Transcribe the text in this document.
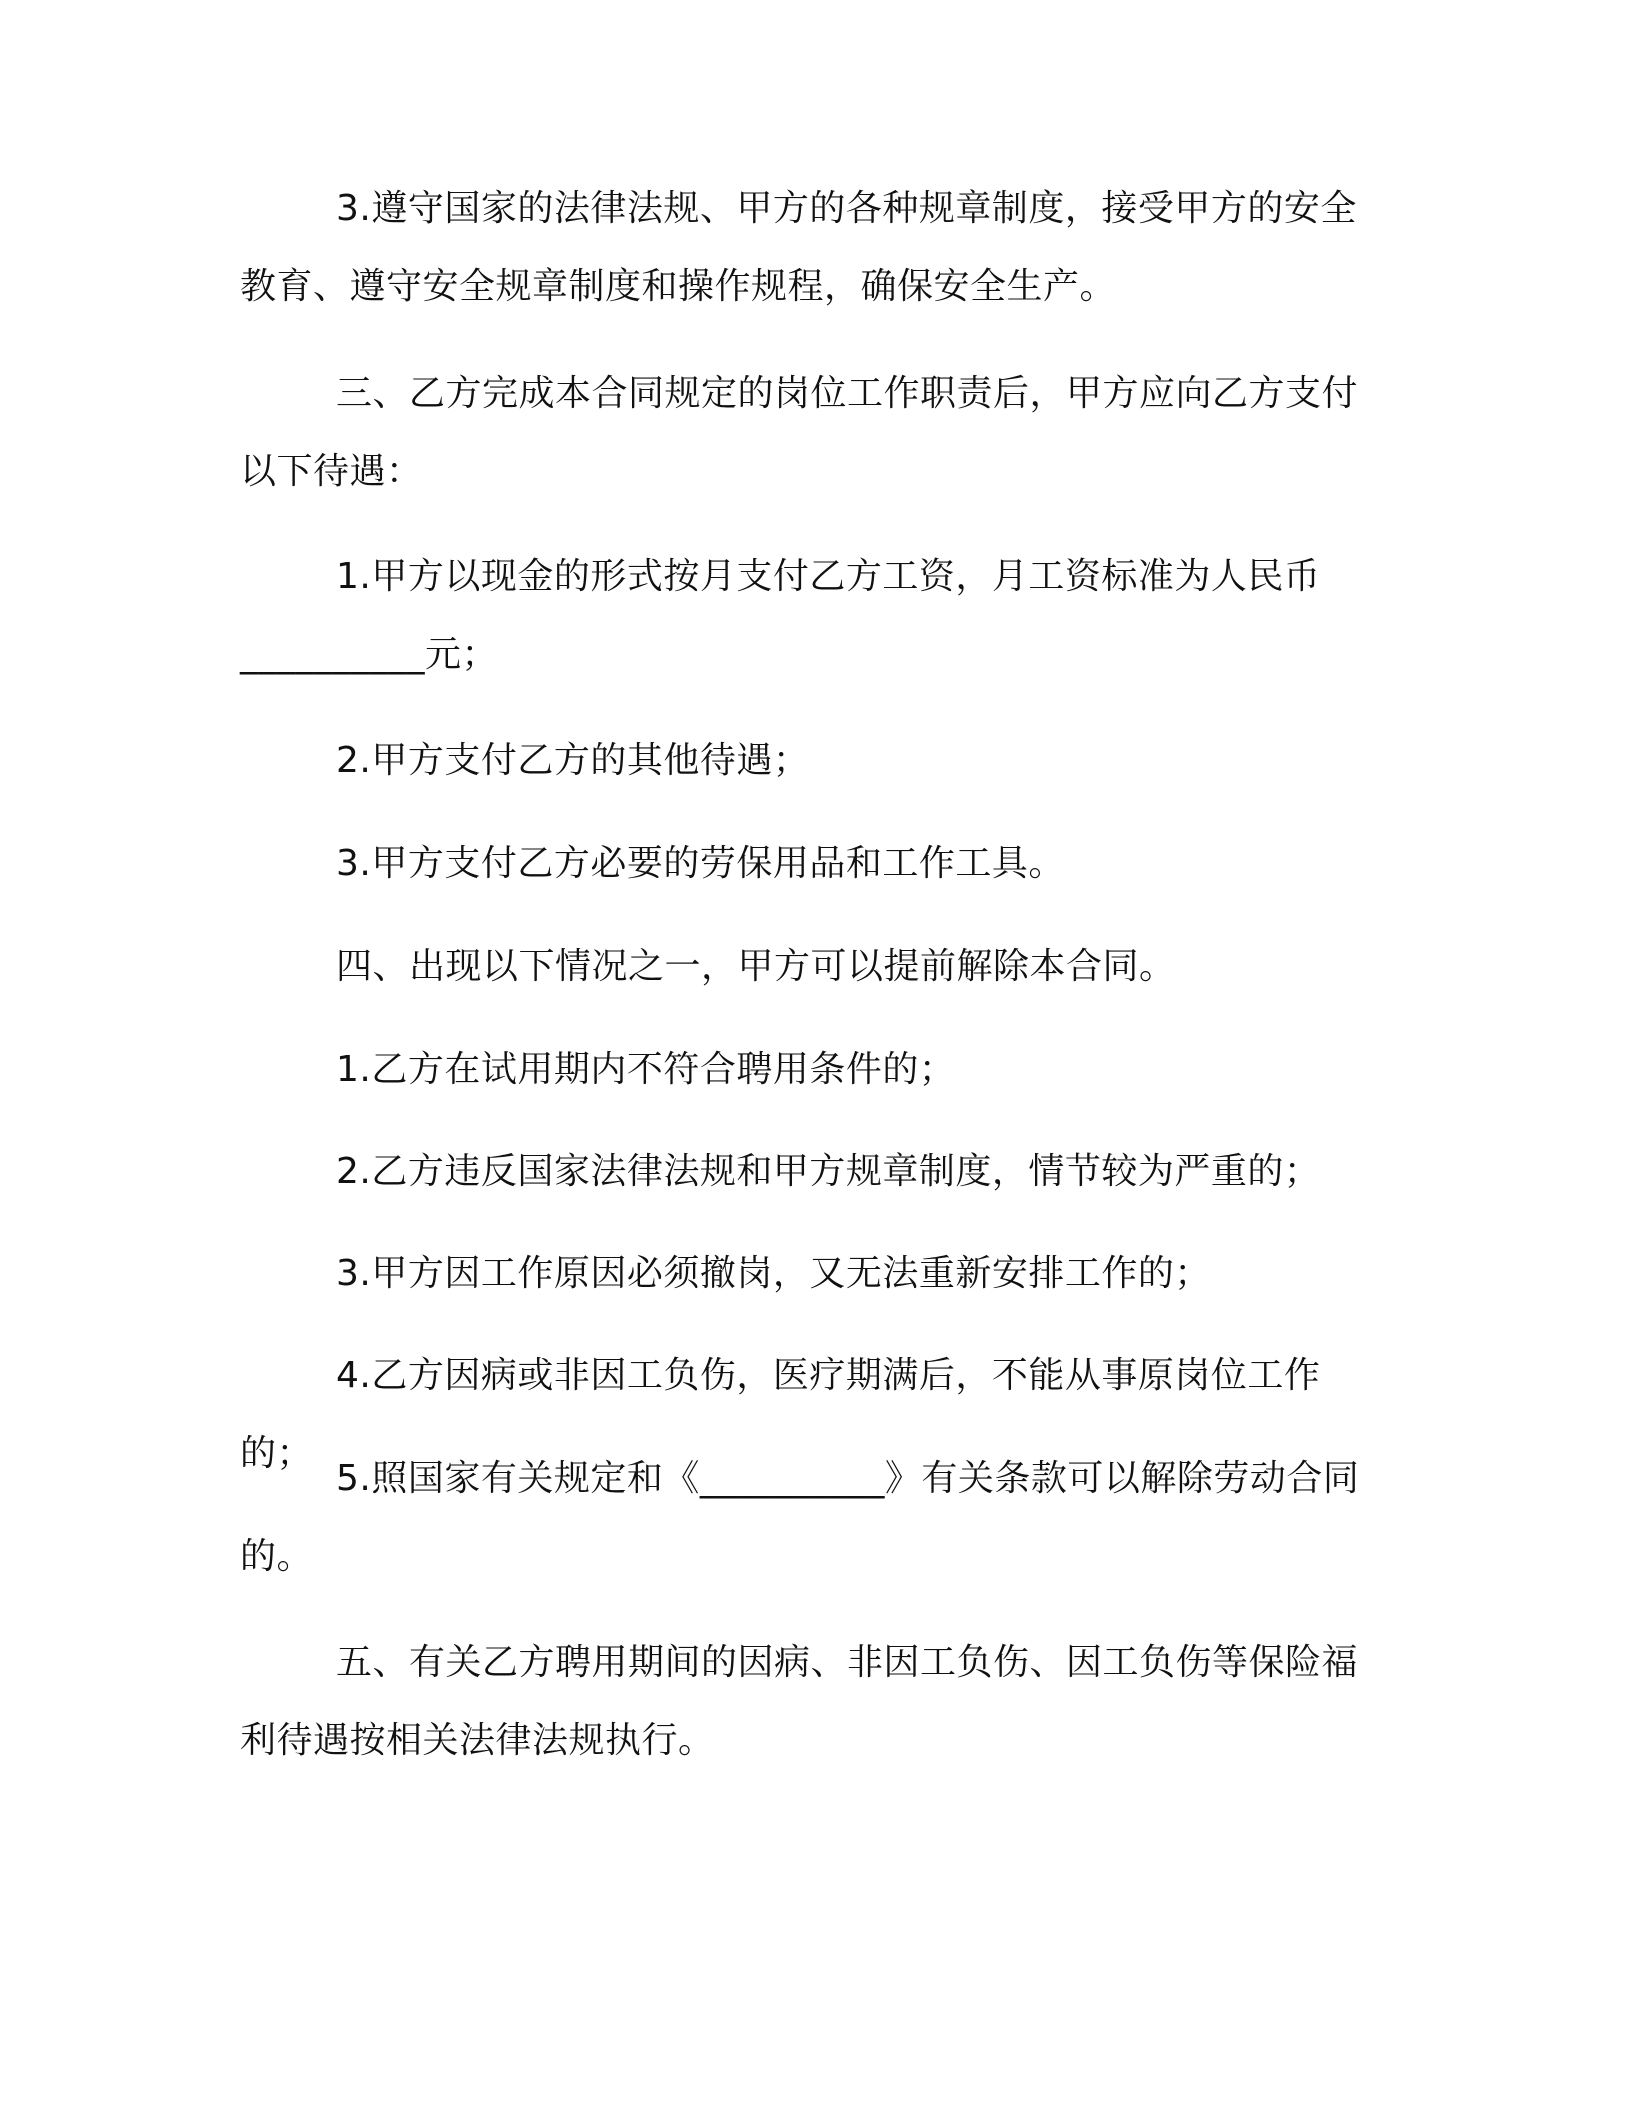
3.遵守国家的法律法规、甲方的各种规章制度，接受甲方的安全教育、遵守安全规章制度和操作规程，确保安全生产。

三、乙方完成本合同规定的岗位工作职责后，甲方应向乙方支付以下待遇：

1.甲方以现金的形式按月支付乙方工资，月工资标准为人民币__________元；

2.甲方支付乙方的其他待遇；

3.甲方支付乙方必要的劳保用品和工作工具。

四、出现以下情况之一，甲方可以提前解除本合同。

1.乙方在试用期内不符合聘用条件的；

2.乙方违反国家法律法规和甲方规章制度，情节较为严重的；

3.甲方因工作原因必须撤岗，又无法重新安排工作的；

4.乙方因病或非因工负伤，医疗期满后，不能从事原岗位工作的；

5.照国家有关规定和《__________》有关条款可以解除劳动合同的。

五、有关乙方聘用期间的因病、非因工负伤、因工负伤等保险福利待遇按相关法律法规执行。
